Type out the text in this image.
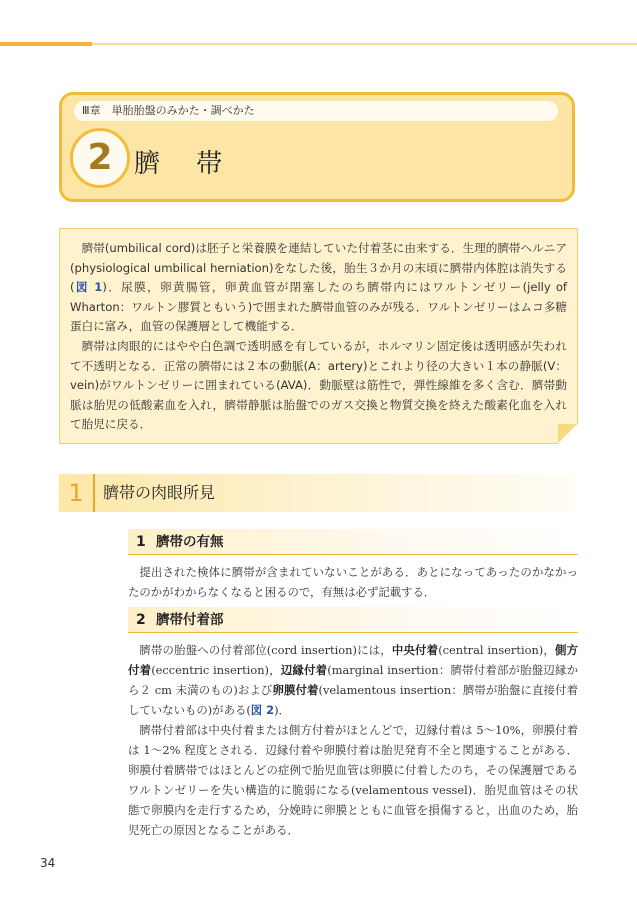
Ⅲ章　単胎胎盤のみかた・調べかた
2 臍 帯

臍帯(umbilical cord)は胚子と栄養膜を連結していた付着茎に由来する．生理的臍帯ヘルニア(physiological umbilical herniation)をなした後，胎生３か月の末頃に臍帯内体腔は消失する(図 1)．尿膜，卵黄腸管，卵黄血管が閉塞したのち臍帯内にはワルトンゼリー(jelly of Wharton：ワルトン膠質ともいう)で囲まれた臍帯血管のみが残る．ワルトンゼリーはムコ多糖蛋白に富み，血管の保護層として機能する．

臍帯は肉眼的にはやや白色調で透明感を有しているが，ホルマリン固定後は透明感が失われて不透明となる．正常の臍帯には２本の動脈(A：artery)とこれより径の大きい１本の静脈(V：vein)がワルトンゼリーに囲まれている(AVA)．動脈壁は筋性で，弾性線維を多く含む．臍帯動脈は胎児の低酸素血を入れ，臍帯静脈は胎盤でのガス交換と物質交換を終えた酸素化血を入れて胎児に戻る．

1	臍帯の肉眼所見
1 臍帯の有無

提出された検体に臍帯が含まれていないことがある．あとになってあったのかなかったのかがわからなくなると困るので，有無は必ず記載する．

2 臍帯付着部

臍帯の胎盤への付着部位(cord insertion)には，中央付着(central insertion)，側方付着(eccentric insertion)，辺縁付着(marginal insertion：臍帯付着部が胎盤辺縁から２ cm 未満のもの)および卵膜付着(velamentous insertion：臍帯が胎盤に直接付着していないもの)がある(図 2)．

臍帯付着部は中央付着または側方付着がほとんどで，辺縁付着は 5～10%，卵膜付着は 1～2% 程度とされる．辺縁付着や卵膜付着は胎児発育不全と関連することがある．卵膜付着臍帯ではほとんどの症例で胎児血管は卵膜に付着したのち，その保護層であるワルトンゼリーを失い構造的に脆弱になる(velamentous vessel)．胎児血管はその状態で卵膜内を走行するため，分娩時に卵膜とともに血管を損傷すると，出血のため，胎児死亡の原因となることがある．

34
